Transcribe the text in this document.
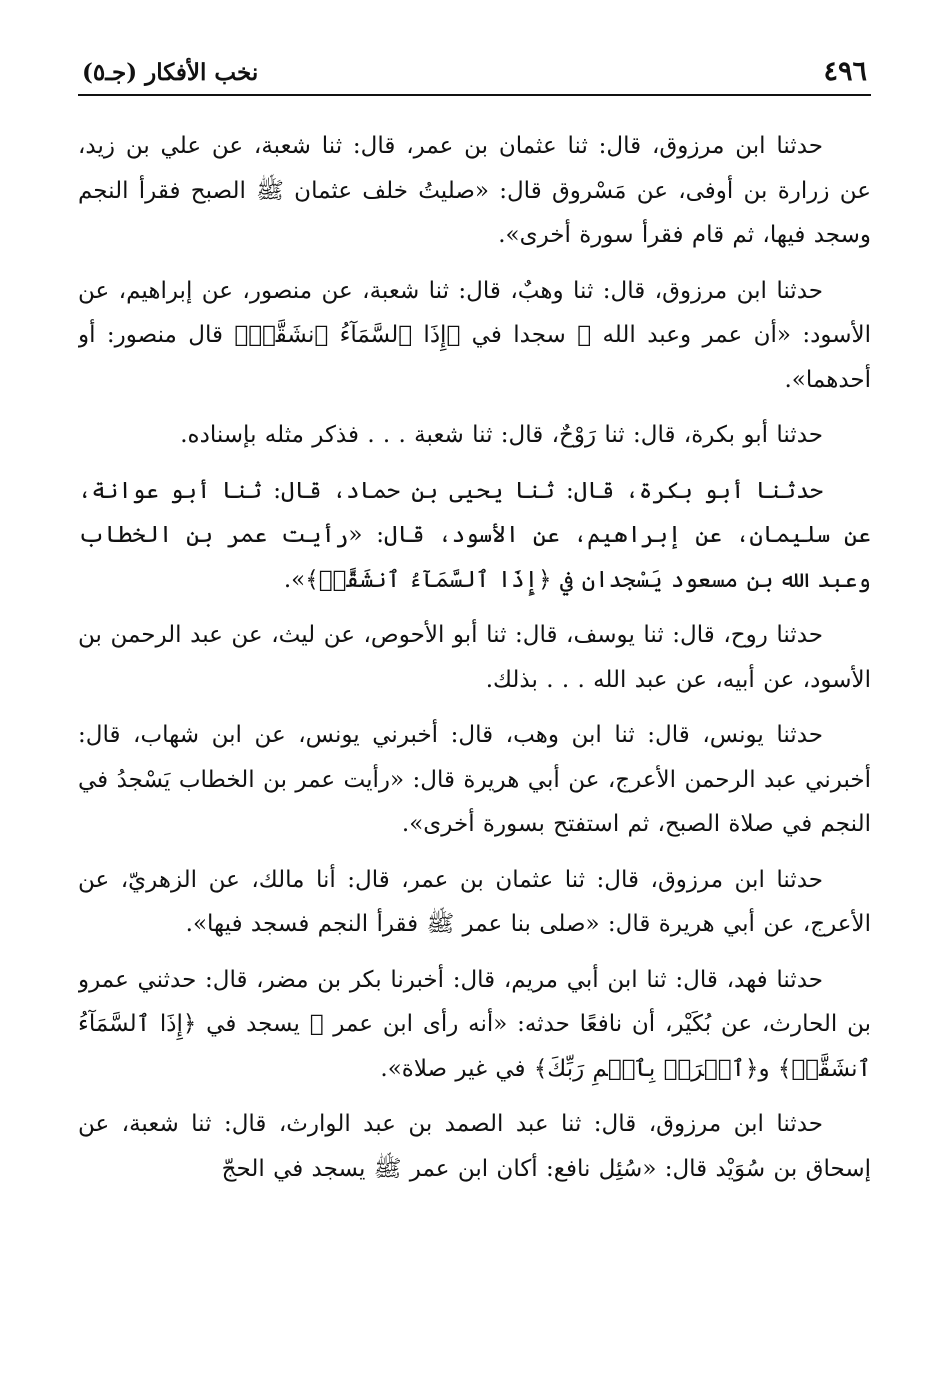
٤٩٦
نخب الأفكار (جـ٥)

حدثنا ابن مرزوق، قال: ثنا عثمان بن عمر، قال: ثنا شعبة، عن علي بن زيد، عن زرارة بن أوفى، عن مَسْروق قال: «صليتُ خلف عثمان ﷺ الصبح فقرأ النجم وسجد فيها، ثم قام فقرأ سورة أخرى».

حدثنا ابن مرزوق، قال: ثنا وهبٌ، قال: ثنا شعبة، عن منصور، عن إبراهيم، عن الأسود: «أن عمر وعبد الله ﷺ سجدا في ﴿إِذَا ٱلسَّمَآءُ ٱنشَقَّتۡ﴾ قال منصور: أو أحدهما».

حدثنا أبو بكرة، قال: ثنا رَوْحٌ، قال: ثنا شعبة . . . فذكر مثله بإسناده.

حدثنا أبو بكرة، قال: ثنا يحيى بن حماد، قال: ثنا أبو عوانة، عن سليمان، عن إبراهيم، عن الأسود، قال: «رأيت عمر بن الخطاب وعبد الله بن مسعود يَسْجدان في ﴿إِذَا ٱلسَّمَآءُ ٱنشَقَّتۡ﴾».

حدثنا روح، قال: ثنا يوسف، قال: ثنا أبو الأحوص، عن ليث، عن عبد الرحمن بن الأسود، عن أبيه، عن عبد الله . . . بذلك.

حدثنا يونس، قال: ثنا ابن وهب، قال: أخبرني يونس، عن ابن شهاب، قال: أخبرني عبد الرحمن الأعرج، عن أبي هريرة قال: «رأيت عمر بن الخطاب يَسْجدُ في النجم في صلاة الصبح، ثم استفتح بسورة أخرى».

حدثنا ابن مرزوق، قال: ثنا عثمان بن عمر، قال: أنا مالك، عن الزهريّ، عن الأعرج، عن أبي هريرة قال: «صلى بنا عمر ﷺ فقرأ النجم فسجد فيها».

حدثنا فهد، قال: ثنا ابن أبي مريم، قال: أخبرنا بكر بن مضر، قال: حدثني عمرو بن الحارث، عن بُكَيْر، أن نافعًا حدثه: «أنه رأى ابن عمر ﷺ يسجد في ﴿إِذَا ٱلسَّمَآءُ ٱنشَقَّتۡ﴾ و﴿ٱقۡرَأۡ بِٱسۡمِ رَبِّكَ﴾ في غير صلاة».

حدثنا ابن مرزوق، قال: ثنا عبد الصمد بن عبد الوارث، قال: ثنا شعبة، عن إسحاق بن سُوَيْد قال: «سُئِل نافع: أكان ابن عمر ﷺ يسجد في الحجّ
